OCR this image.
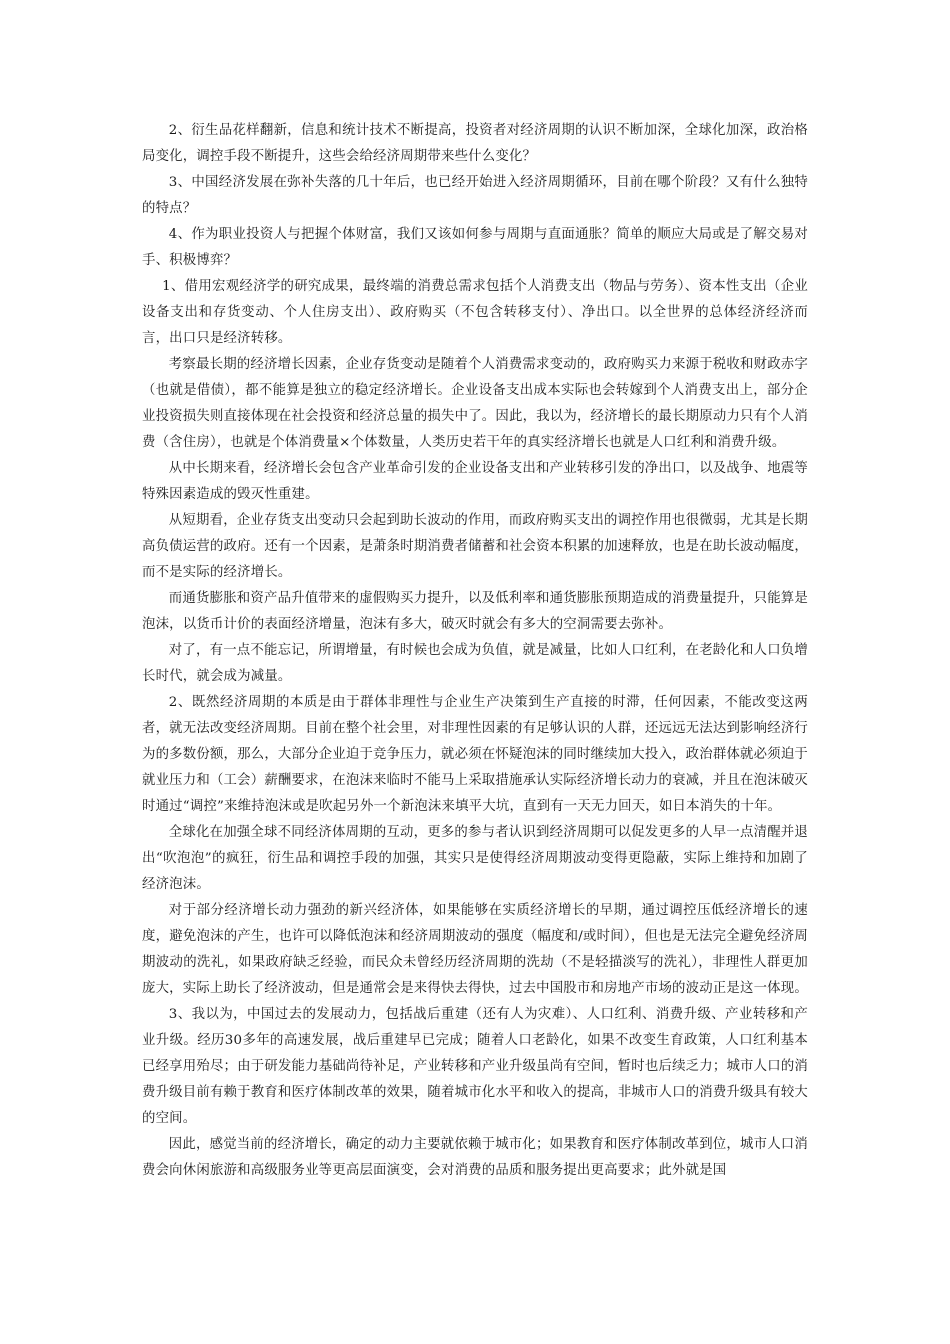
2、衍生品花样翻新，信息和统计技术不断提高，投资者对经济周期的认识不断加深，全球化加深，政治格局变化，调控手段不断提升，这些会给经济周期带来些什么变化？

3、中国经济发展在弥补失落的几十年后，也已经开始进入经济周期循环，目前在哪个阶段？又有什么独特的特点？

4、作为职业投资人与把握个体财富，我们又该如何参与周期与直面通胀？简单的顺应大局或是了解交易对手、积极博弈？

1、借用宏观经济学的研究成果，最终端的消费总需求包括个人消费支出（物品与劳务）、资本性支出（企业设备支出和存货变动、个人住房支出）、政府购买（不包含转移支付）、净出口。以全世界的总体经济经济而言，出口只是经济转移。

考察最长期的经济增长因素，企业存货变动是随着个人消费需求变动的，政府购买力来源于税收和财政赤字（也就是借债），都不能算是独立的稳定经济增长。企业设备支出成本实际也会转嫁到个人消费支出上，部分企业投资损失则直接体现在社会投资和经济总量的损失中了。因此，我以为，经济增长的最长期原动力只有个人消费（含住房），也就是个体消费量×个体数量，人类历史若干年的真实经济增长也就是人口红利和消费升级。

从中长期来看，经济增长会包含产业革命引发的企业设备支出和产业转移引发的净出口，以及战争、地震等特殊因素造成的毁灭性重建。

从短期看，企业存货支出变动只会起到助长波动的作用，而政府购买支出的调控作用也很微弱，尤其是长期高负债运营的政府。还有一个因素，是萧条时期消费者储蓄和社会资本积累的加速释放，也是在助长波动幅度，而不是实际的经济增长。

而通货膨胀和资产品升值带来的虚假购买力提升，以及低利率和通货膨胀预期造成的消费量提升，只能算是泡沫，以货币计价的表面经济增量，泡沫有多大，破灭时就会有多大的空洞需要去弥补。

对了，有一点不能忘记，所谓增量，有时候也会成为负值，就是减量，比如人口红利，在老龄化和人口负增长时代，就会成为减量。

2、既然经济周期的本质是由于群体非理性与企业生产决策到生产直接的时滞，任何因素，不能改变这两者，就无法改变经济周期。目前在整个社会里，对非理性因素的有足够认识的人群，还远远无法达到影响经济行为的多数份额，那么，大部分企业迫于竞争压力，就必须在怀疑泡沫的同时继续加大投入，政治群体就必须迫于就业压力和（工会）薪酬要求，在泡沫来临时不能马上采取措施承认实际经济增长动力的衰减，并且在泡沫破灭时通过“调控”来维持泡沫或是吹起另外一个新泡沫来填平大坑，直到有一天无力回天，如日本消失的十年。

全球化在加强全球不同经济体周期的互动，更多的参与者认识到经济周期可以促发更多的人早一点清醒并退出“吹泡泡”的疯狂，衍生品和调控手段的加强，其实只是使得经济周期波动变得更隐蔽，实际上维持和加剧了经济泡沫。

对于部分经济增长动力强劲的新兴经济体，如果能够在实质经济增长的早期，通过调控压低经济增长的速度，避免泡沫的产生，也许可以降低泡沫和经济周期波动的强度（幅度和/或时间），但也是无法完全避免经济周期波动的洗礼，如果政府缺乏经验，而民众未曾经历经济周期的洗劫（不是轻描淡写的洗礼），非理性人群更加庞大，实际上助长了经济波动，但是通常会是来得快去得快，过去中国股市和房地产市场的波动正是这一体现。

3、我以为，中国过去的发展动力，包括战后重建（还有人为灾难）、人口红利、消费升级、产业转移和产业升级。经历30多年的高速发展，战后重建早已完成；随着人口老龄化，如果不改变生育政策，人口红利基本已经享用殆尽；由于研发能力基础尚待补足，产业转移和产业升级虽尚有空间，暂时也后续乏力；城市人口的消费升级目前有赖于教育和医疗体制改革的效果，随着城市化水平和收入的提高，非城市人口的消费升级具有较大的空间。

因此，感觉当前的经济增长，确定的动力主要就依赖于城市化；如果教育和医疗体制改革到位，城市人口消费会向休闲旅游和高级服务业等更高层面演变，会对消费的品质和服务提出更高要求；此外就是国
